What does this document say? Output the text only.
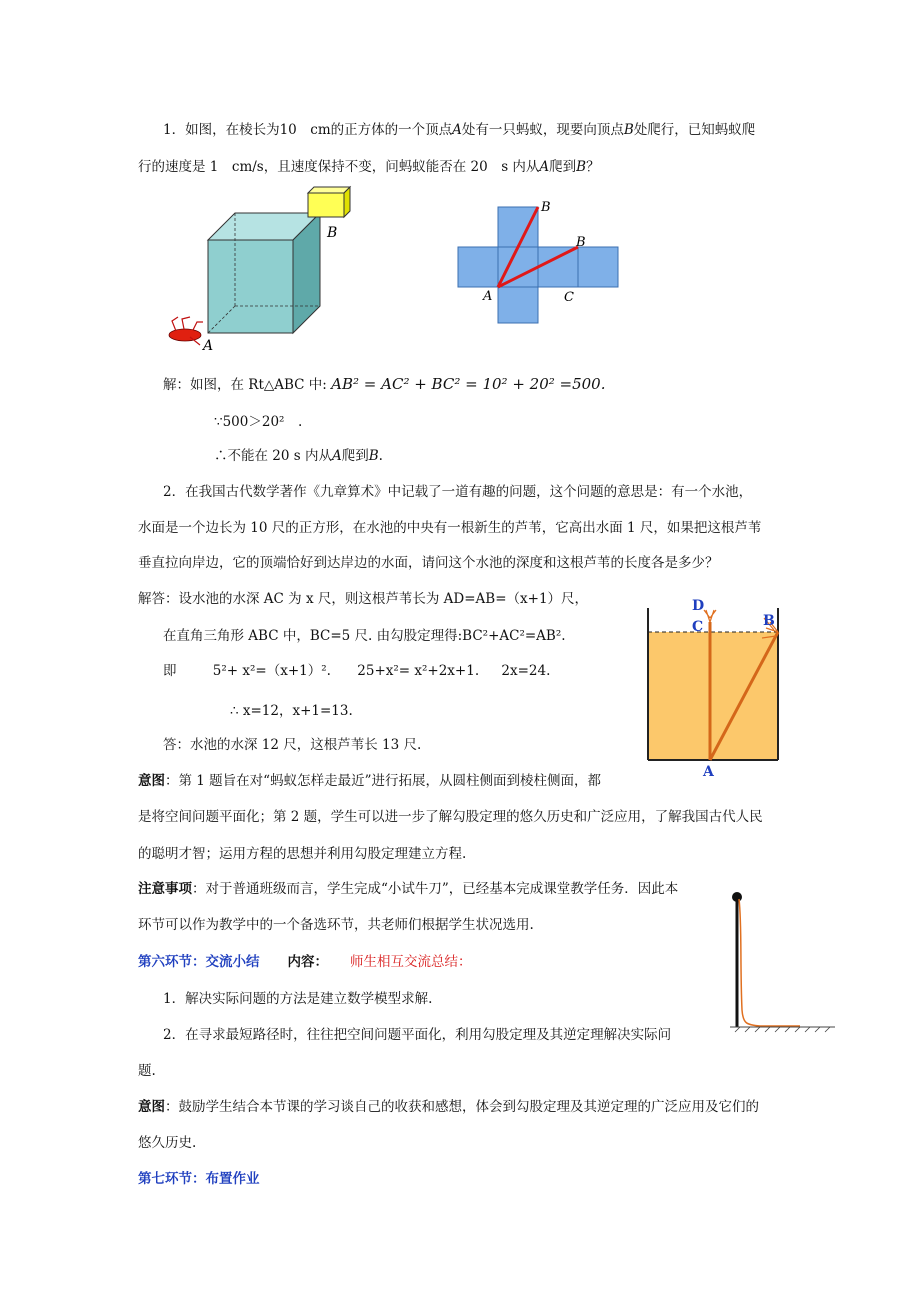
1．如图，在棱长为10　cm的正方体的一个顶点A处有一只蚂蚁，现要向顶点B处爬行，已知蚂蚁爬
行的速度是 1　cm/s，且速度保持不变，问蚂蚁能否在 20　s 内从A爬到B？
B
A
B
B
A	C
解：如图，在 Rt△ABC 中: AB² = AC² + BC² = 10² + 20² =500.
∵500＞20²　.
∴不能在 20 s 内从A爬到B.
2．在我国古代数学著作《九章算术》中记载了一道有趣的问题，这个问题的意思是：有一个水池，
水面是一个边长为 10 尺的正方形，在水池的中央有一根新生的芦苇，它高出水面 1 尺，如果把这根芦苇
垂直拉向岸边，它的顶端恰好到达岸边的水面，请问这个水池的深度和这根芦苇的长度各是多少？
解答：设水池的水深 AC 为 x 尺，则这根芦苇长为 AD=AB=（x+1）尺，
在直角三角形 ABC 中，BC=5 尺. 由勾股定理得:BC²+AC²=AB².
即	5²+ x²=（x+1）². 25+x²= x²+2x+1. 2x=24.
∴ x=12，x+1=13.
答：水池的水深 12 尺，这根芦苇长 13 尺.
D
C	B
A
意图：第 1 题旨在对“蚂蚁怎样走最近”进行拓展，从圆柱侧面到棱柱侧面，都
是将空间问题平面化；第 2 题，学生可以进一步了解勾股定理的悠久历史和广泛应用，了解我国古代人民
的聪明才智；运用方程的思想并利用勾股定理建立方程.
注意事项：对于普通班级而言，学生完成“小试牛刀”，已经基本完成课堂教学任务．因此本
环节可以作为教学中的一个备选环节，共老师们根据学生状况选用.
第六环节：交流小结 内容： 师生相互交流总结：
1．解决实际问题的方法是建立数学模型求解.
2．在寻求最短路径时，往往把空间问题平面化，利用勾股定理及其逆定理解决实际问
题.
意图：鼓励学生结合本节课的学习谈自己的收获和感想，体会到勾股定理及其逆定理的广泛应用及它们的
悠久历史.
第七环节：布置作业
